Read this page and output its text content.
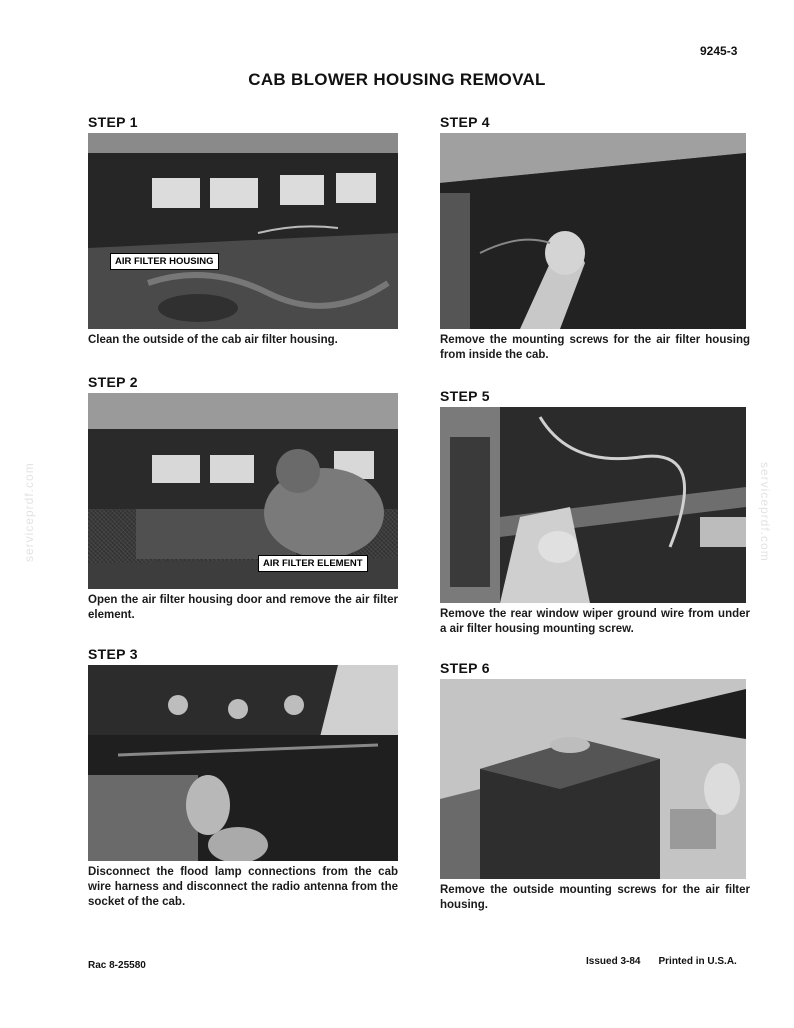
9245-3
CAB BLOWER HOUSING REMOVAL
serviceprdf.com	serviceprdf.com
STEP 1
AIR FILTER HOUSING
Clean the outside of the cab air filter housing.
STEP 2
AIR FILTER ELEMENT
Open the air filter housing door and remove the air filter element.
STEP 3
Disconnect the flood lamp connections from the cab wire harness and disconnect the radio antenna from the socket of the cab.
STEP 4
Remove the mounting screws for the air filter housing from inside the cab.
STEP 5
Remove the rear window wiper ground wire from under a air filter housing mounting screw.
STEP 6
Remove the outside mounting screws for the air filter housing.
Rac 8-25580	Issued 3-84 Printed in U.S.A.
